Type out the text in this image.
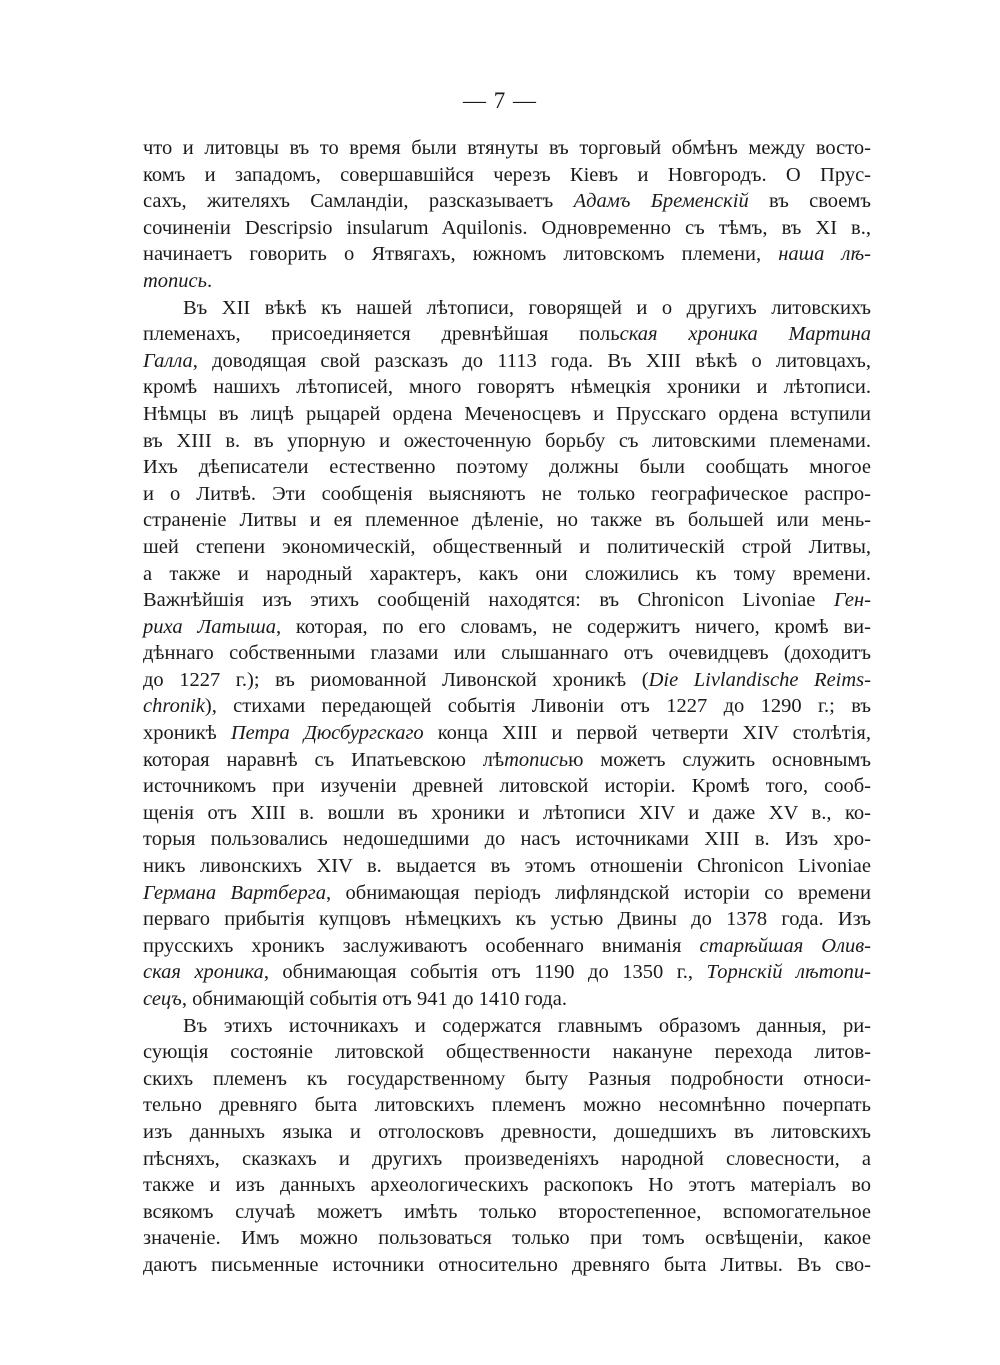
— 7 —
что и литовцы въ то время были втянуты въ торговый обмѣнъ между восто-
комъ и западомъ, совершавшiйся черезъ Кiевъ и Новгородъ. О Прус-
сахъ, жителяхъ Самландiи, разсказываетъ Адамъ Бременскiй въ своемъ
сочиненiи Descripsio insularum Aquilonis. Одновременно съ тѣмъ, въ XI в.,
начинаетъ говорить о Ятвягахъ, южномъ литовскомъ племени, наша лѣ-
топись.
Въ XII вѣкѣ къ нашей лѣтописи, говорящей и о другихъ литовскихъ
племенахъ, присоединяется древнѣйшая польская хроника Мартина
Галла, доводящая свой разсказъ до 1113 года. Въ XIII вѣкѣ о литовцахъ,
кромѣ нашихъ лѣтописей, много говорятъ нѣмецкiя хроники и лѣтописи.
Нѣмцы въ лицѣ рыцарей ордена Меченосцевъ и Прусскаго ордена вступили
въ XIII в. въ упорную и ожесточенную борьбу съ литовскими племенами.
Ихъ дѣеписатели естественно поэтому должны были сообщать многое
и о Литвѣ. Эти сообщенiя выясняютъ не только географическое распро-
страненiе Литвы и ея племенное дѣленiе, но также въ большей или мень-
шей степени экономическiй, общественный и политическiй строй Литвы,
а также и народный характеръ, какъ они сложились къ тому времени.
Важнѣйшiя изъ этихъ сообщенiй находятся: въ Chronicon Livoniae Ген-
риха Латыша, которая, по его словамъ, не содержитъ ничего, кромѣ ви-
дѣннаго собственными глазами или слышаннаго отъ очевидцевъ (доходитъ
до 1227 г.); въ риомованной Ливонской хроникѣ (Die Livlandische Reims-
chronik), стихами передающей событiя Ливонiи отъ 1227 до 1290 г.; въ
хроникѣ Петра Дюсбургскаго конца XIII и первой четверти XIV столѣтiя,
которая наравнѣ съ Ипатьевскою лѣтописью можетъ служить основнымъ
источникомъ при изученiи древней литовской исторiи. Кромѣ того, сооб-
щенiя отъ XIII в. вошли въ хроники и лѣтописи XIV и даже XV в., ко-
торыя пользовались недошедшими до насъ источниками XIII в. Изъ хро-
никъ ливонскихъ XIV в. выдается въ этомъ отношенiи Chronicon Livoniae
Германа Вартберга, обнимающая перiодъ лифляндской исторiи со времени
перваго прибытiя купцовъ нѣмецкихъ къ устью Двины до 1378 года. Изъ
прусскихъ хроникъ заслуживаютъ особеннаго вниманiя старѣйшая Олив-
ская хроника, обнимающая событiя отъ 1190 до 1350 г., Торнскiй лѣтопи-
сецъ, обнимающiй событiя отъ 941 до 1410 года.
Въ этихъ источникахъ и содержатся главнымъ образомъ данныя, ри-
сующiя состоянiе литовской общественности накануне перехода литов-
скихъ племенъ къ государственному быту Разныя подробности относи-
тельно древняго быта литовскихъ племенъ можно несомнѣнно почерпать
изъ данныхъ языка и отголосковъ древности, дошедшихъ въ литовскихъ
пѣсняхъ, сказкахъ и другихъ произведенiяхъ народной словесности, а
также и изъ данныхъ археологическихъ раскопокъ Но этотъ матерiалъ во
всякомъ случаѣ можетъ имѣть только второстепенное, вспомогательное
значенiе. Имъ можно пользоваться только при томъ освѣщенiи, какое
даютъ письменные источники относительно древняго быта Литвы. Въ сво-
